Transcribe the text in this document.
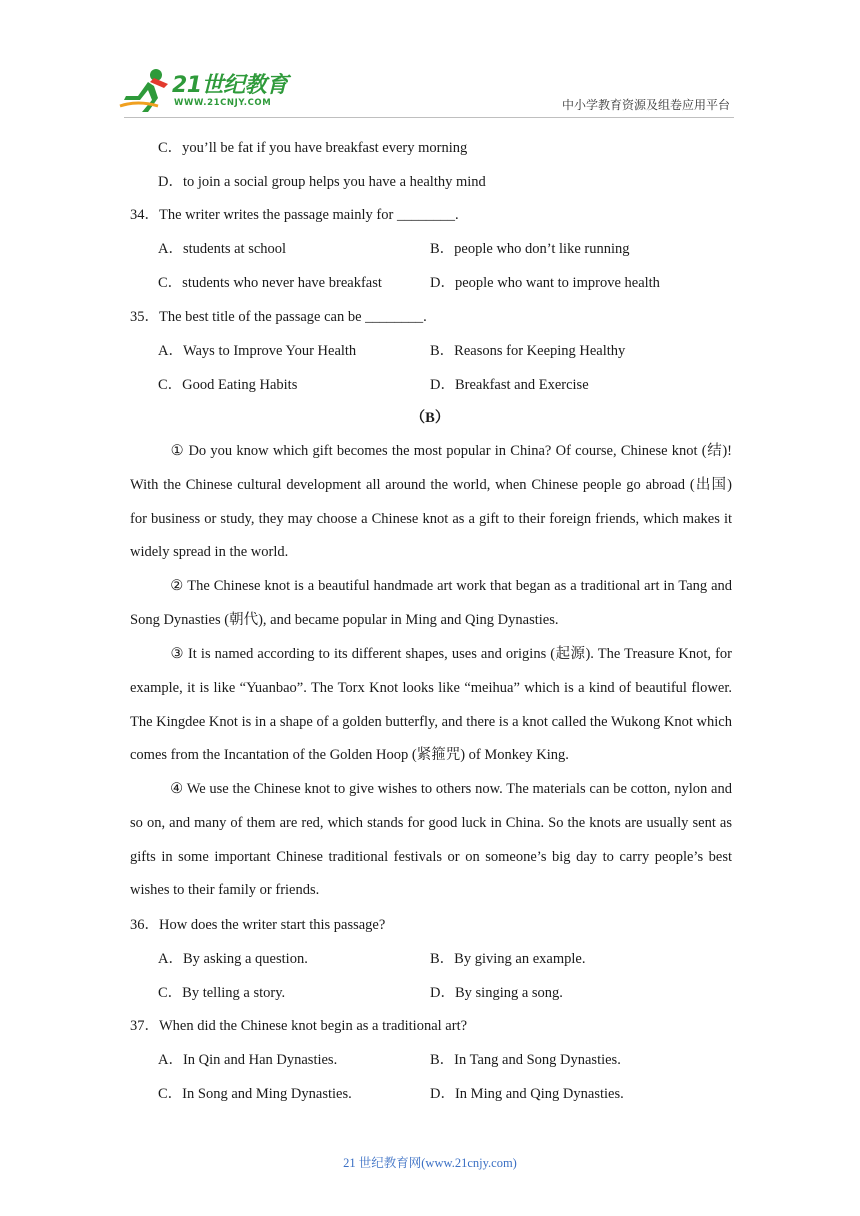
21世纪教育
WWW.21CNJY.COM	中小学教育资源及组卷应用平台
C．you’ll be fat if you have breakfast every morning
D．to join a social group helps you have a healthy mind
34．The writer writes the passage mainly for ________.
A．students at school	B．people who don’t like running
C．students who never have breakfast	D．people who want to improve health
35．The best title of the passage can be ________.
A．Ways to Improve Your Health	B．Reasons for Keeping Healthy
C．Good Eating Habits	D．Breakfast and Exercise
（B）
① Do you know which gift becomes the most popular in China? Of course, Chinese knot (结)! With the Chinese cultural development all around the world, when Chinese people go abroad (出国) for business or study, they may choose a Chinese knot as a gift to their foreign friends, which makes it widely spread in the world.
② The Chinese knot is a beautiful handmade art work that began as a traditional art in Tang and Song Dynasties (朝代), and became popular in Ming and Qing Dynasties.
③ It is named according to its different shapes, uses and origins (起源). The Treasure Knot, for example, it is like “Yuanbao”. The Torx Knot looks like “meihua” which is a kind of beautiful flower. The Kingdee Knot is in a shape of a golden butterfly, and there is a knot called the Wukong Knot which comes from the Incantation of the Golden Hoop (紧箍咒) of Monkey King.
④ We use the Chinese knot to give wishes to others now. The materials can be cotton, nylon and so on, and many of them are red, which stands for good luck in China. So the knots are usually sent as gifts in some important Chinese traditional festivals or on someone’s big day to carry people’s best wishes to their family or friends.
36．How does the writer start this passage?
A．By asking a question.	B．By giving an example.
C．By telling a story.	D．By singing a song.
37．When did the Chinese knot begin as a traditional art?
A．In Qin and Han Dynasties.	B．In Tang and Song Dynasties.
C．In Song and Ming Dynasties.	D．In Ming and Qing Dynasties.
21 世纪教育网(www.21cnjy.com)
